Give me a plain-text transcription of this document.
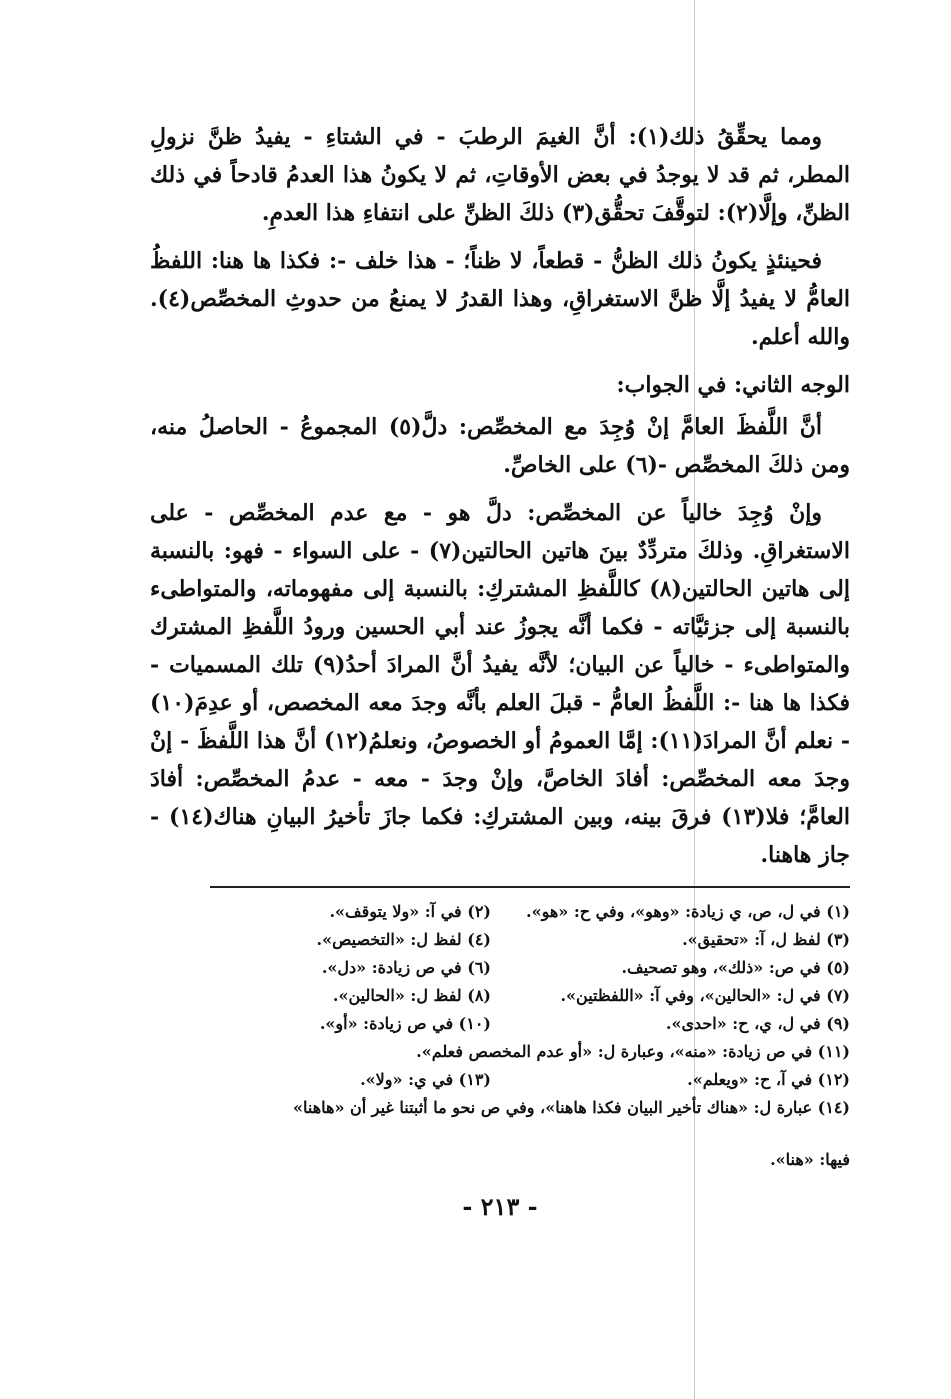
ومما يحقِّقُ ذلك(١): أنَّ الغيمَ الرطبَ - في الشتاءِ - يفيدُ ظنَّ نزولِ المطر، ثم قد لا يوجدُ في بعض الأوقاتِ، ثم لا يكونُ هذا العدمُ قادحاً في ذلك الظنِّ، وإلَّا(٢): لتوقَّفَ تحقُّق(٣) ذلكَ الظنِّ على انتفاءِ هذا العدمِ.

فحينئذٍ يكونُ ذلك الظنُّ - قطعاً، لا ظناً؛ - هذا خلف -: فكذا ها هنا: اللفظُ العامُّ لا يفيدُ إلَّا ظنَّ الاستغراقِ، وهذا القدرُ لا يمنعُ من حدوثِ المخصِّص(٤). والله أعلم.

الوجه الثاني: في الجواب:

أنَّ اللَّفظَ العامَّ إنْ وُجِدَ مع المخصِّص: دلَّ(٥) المجموعُ - الحاصلُ منه، ومن ذلكَ المخصِّص -(٦) على الخاصِّ.

وإنْ وُجِدَ خالياً عن المخصِّص: دلَّ هو - مع عدم المخصِّص - على الاستغراقِ. وذلكَ متردِّدٌ بينَ هاتين الحالتين(٧) - على السواء - فهو: بالنسبة إلى هاتين الحالتين(٨) كاللَّفظِ المشتركِ: بالنسبة إلى مفهوماته، والمتواطىء بالنسبة إلى جزئيَّاته - فكما أنَّه يجوزُ عند أبي الحسين ورودُ اللَّفظِ المشترك والمتواطىء - خالياً عن البيان؛ لأنَّه يفيدُ أنَّ المرادَ أحدُ(٩) تلك المسميات - فكذا ها هنا -: اللَّفظُ العامُّ - قبلَ العلم بأنَّه وجدَ معه المخصص، أو عدِمَ(١٠) - نعلم أنَّ المرادَ(١١): إمَّا العمومُ أو الخصوصُ، ونعلمُ(١٢) أنَّ هذا اللَّفظَ - إنْ وجدَ معه المخصِّص: أفادَ الخاصَّ، وإنْ وجدَ - معه - عدمُ المخصِّص: أفادَ العامَّ؛ فلا(١٣) فرقَ بينه، وبين المشتركِ: فكما جازَ تأخيرُ البيانِ هناك(١٤) - جاز هاهنا.

(١) في ل، ص، ي زيادة: «وهو»، وفي ح: «هو».
(٢) في آ: «ولا يتوقف».
(٣) لفظ ل، آ: «تحقيق».
(٤) لفظ ل: «التخصيص».
(٥) في ص: «ذلك»، وهو تصحيف.
(٦) في ص زيادة: «دل».
(٧) في ل: «الحالين»، وفي آ: «اللفظتين».
(٨) لفظ ل: «الحالين».
(٩) في ل، ي، ح: «احدى».
(١٠) في ص زيادة: «أو».
(١١) في ص زيادة: «منه»، وعبارة ل: «أو عدم المخصص فعلم».
(١٢) في آ، ح: «ويعلم».
(١٣) في ي: «ولا».
(١٤) عبارة ل: «هناك تأخير البيان فكذا هاهنا»، وفي ص نحو ما أثبتنا غير أن «هاهنا»
فيها: «هنا».
- ٢١٣ -
